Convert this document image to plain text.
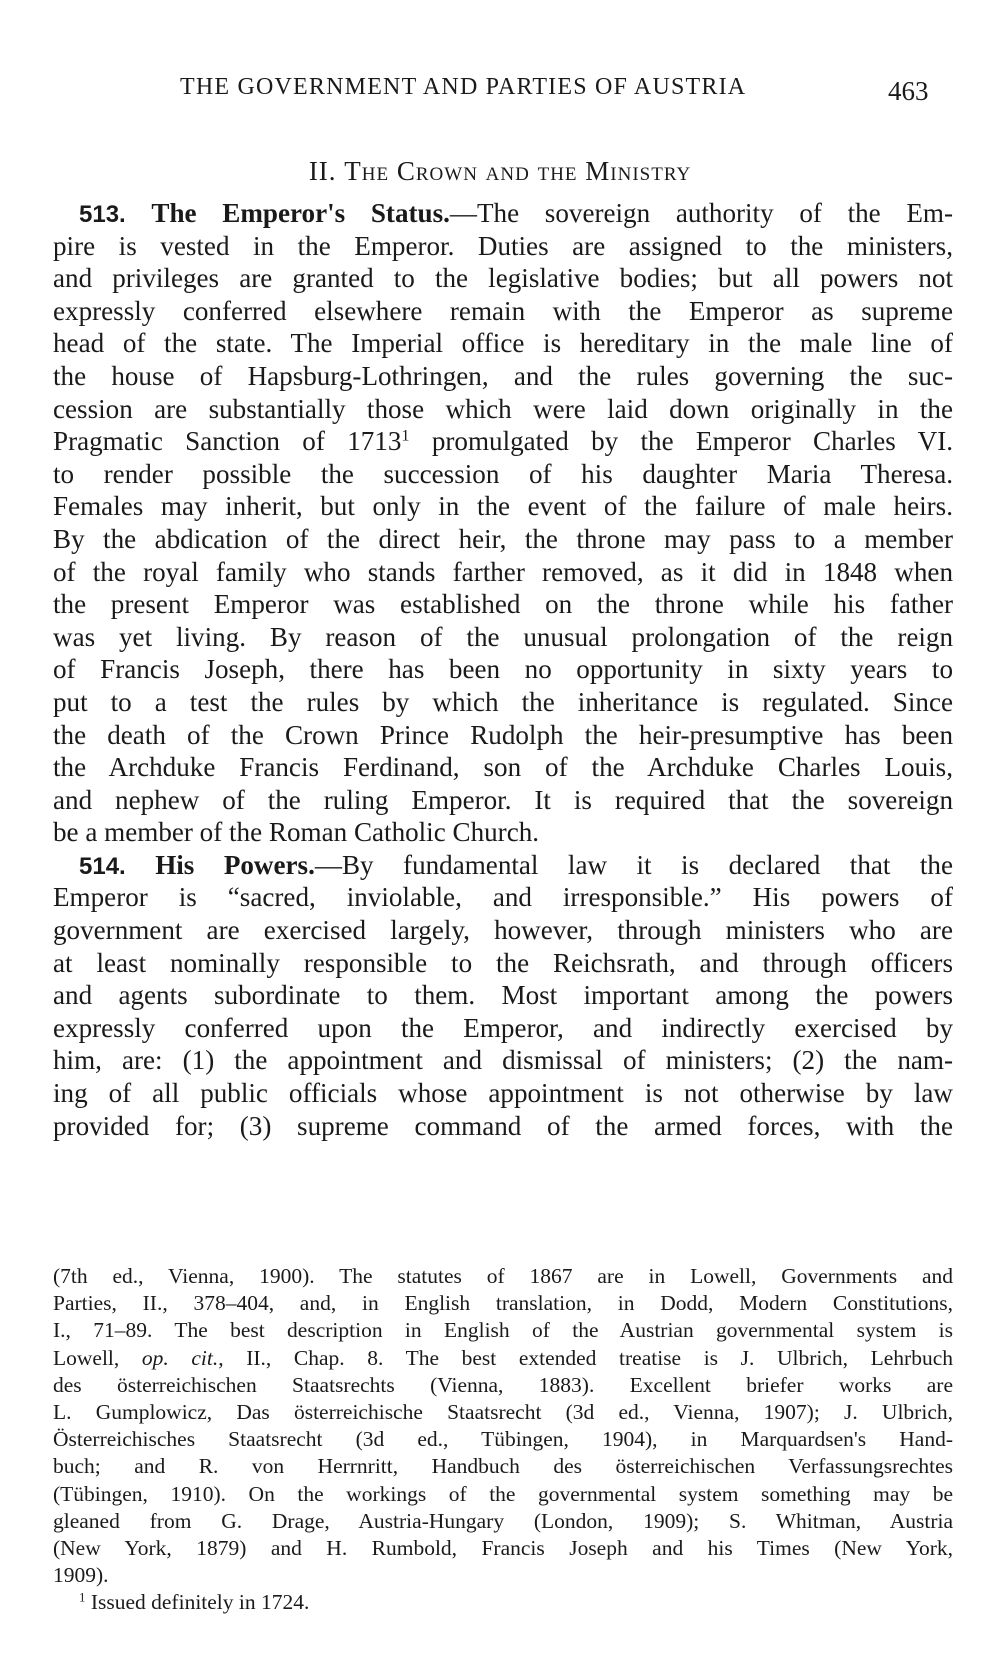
THE GOVERNMENT AND PARTIES OF AUSTRIA	463
II. The Crown and the Ministry
513. The Emperor's Status.—The sovereign authority of the Em-
pire is vested in the Emperor. Duties are assigned to the ministers,
and privileges are granted to the legislative bodies; but all powers not
expressly conferred elsewhere remain with the Emperor as supreme
head of the state. The Imperial office is hereditary in the male line of
the house of Hapsburg-Lothringen, and the rules governing the suc-
cession are substantially those which were laid down originally in the
Pragmatic Sanction of 1713$^1$ promulgated by the Emperor Charles VI.
to render possible the succession of his daughter Maria Theresa.
Females may inherit, but only in the event of the failure of male heirs.
By the abdication of the direct heir, the throne may pass to a member
of the royal family who stands farther removed, as it did in 1848 when
the present Emperor was established on the throne while his father
was yet living. By reason of the unusual prolongation of the reign
of Francis Joseph, there has been no opportunity in sixty years to
put to a test the rules by which the inheritance is regulated. Since
the death of the Crown Prince Rudolph the heir-presumptive has been
the Archduke Francis Ferdinand, son of the Archduke Charles Louis,
and nephew of the ruling Emperor. It is required that the sovereign
be a member of the Roman Catholic Church.
514. His Powers.—By fundamental law it is declared that the
Emperor is “sacred, inviolable, and irresponsible.” His powers of
government are exercised largely, however, through ministers who are
at least nominally responsible to the Reichsrath, and through officers
and agents subordinate to them. Most important among the powers
expressly conferred upon the Emperor, and indirectly exercised by
him, are: (1) the appointment and dismissal of ministers; (2) the nam-
ing of all public officials whose appointment is not otherwise by law
provided for; (3) supreme command of the armed forces, with the
(7th ed., Vienna, 1900). The statutes of 1867 are in Lowell, Governments and
Parties, II., 378–404, and, in English translation, in Dodd, Modern Constitutions,
I., 71–89. The best description in English of the Austrian governmental system is
Lowell, op. cit., II., Chap. 8. The best extended treatise is J. Ulbrich, Lehrbuch
des österreichischen Staatsrechts (Vienna, 1883). Excellent briefer works are
L. Gumplowicz, Das österreichische Staatsrecht (3d ed., Vienna, 1907); J. Ulbrich,
Österreichisches Staatsrecht (3d ed., Tübingen, 1904), in Marquardsen's Hand-
buch; and R. von Herrnritt, Handbuch des österreichischen Verfassungsrechtes
(Tübingen, 1910). On the workings of the governmental system something may be
gleaned from G. Drage, Austria-Hungary (London, 1909); S. Whitman, Austria
(New York, 1879) and H. Rumbold, Francis Joseph and his Times (New York,
1909).
$^1$ Issued definitely in 1724.
